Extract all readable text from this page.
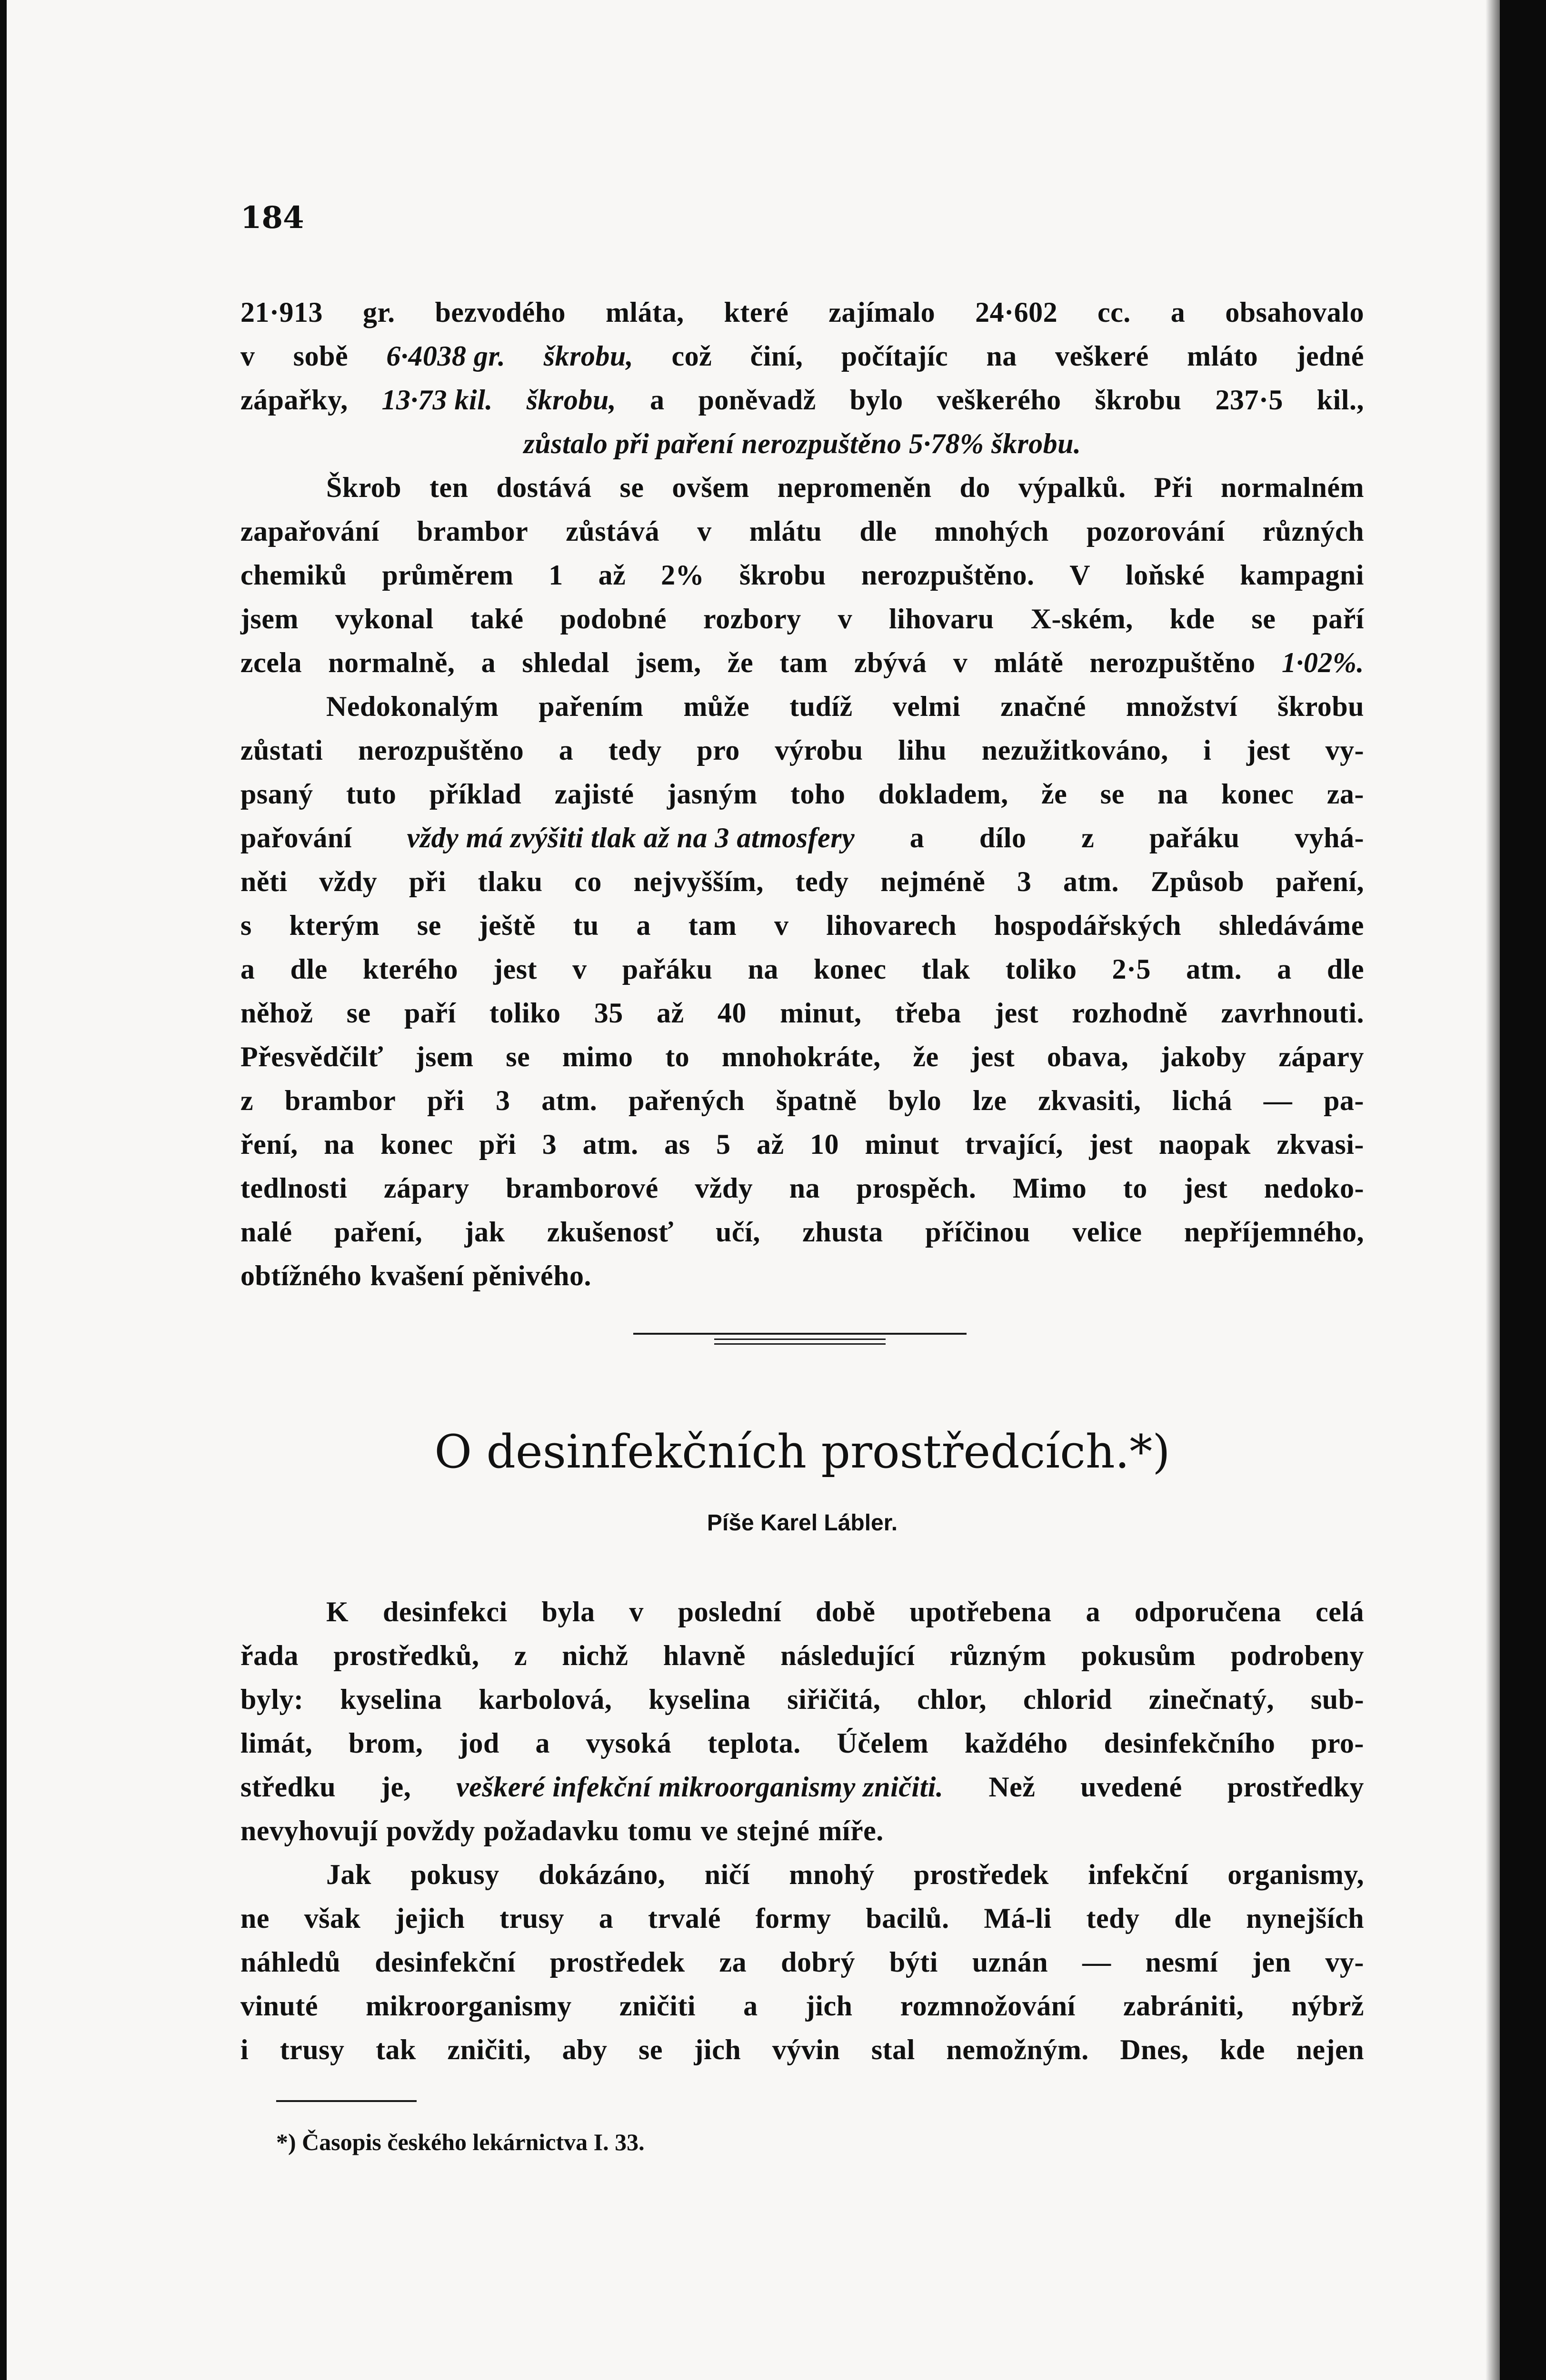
184
21·913 gr. bezvodého mláta, které zajímalo 24·602 cc. a obsahovalo
v sobě 6·4038 gr. škrobu, což činí, počítajíc na veškeré mláto jedné
zápařky, 13·73 kil. škrobu, a poněvadž bylo veškerého škrobu 237·5 kil.,
zůstalo při paření nerozpuštěno 5·78% škrobu.
Škrob ten dostává se ovšem nepromeněn do výpalků. Při normalném
zapařování brambor zůstává v mlátu dle mnohých pozorování různých
chemiků průměrem 1 až 2% škrobu nerozpuštěno. V loňské kampagni
jsem vykonal také podobné rozbory v lihovaru X-ském, kde se paří
zcela normalně, a shledal jsem, že tam zbývá v mlátě nerozpuštěno 1·02%.
Nedokonalým pařením může tudíž velmi značné množství škrobu
zůstati nerozpuštěno a tedy pro výrobu lihu nezužitkováno, i jest vy-
psaný tuto příklad zajisté jasným toho dokladem, že se na konec za-
pařování vždy má zvýšiti tlak až na 3 atmosfery a dílo z pařáku vyhá-
něti vždy při tlaku co nejvyšším, tedy nejméně 3 atm. Způsob paření,
s kterým se ještě tu a tam v lihovarech hospodářských shledáváme
a dle kterého jest v pařáku na konec tlak toliko 2·5 atm. a dle
něhož se paří toliko 35 až 40 minut, třeba jest rozhodně zavrhnouti.
Přesvědčilť jsem se mimo to mnohokráte, že jest obava, jakoby zápary
z brambor při 3 atm. pařených špatně bylo lze zkvasiti, lichá — pa-
ření, na konec při 3 atm. as 5 až 10 minut trvající, jest naopak zkvasi-
tedlnosti zápary bramborové vždy na prospěch. Mimo to jest nedoko-
nalé paření, jak zkušenosť učí, zhusta příčinou velice nepříjemného,
obtížného kvašení pěnivého.
O desinfekčních prostředcích.*)
Píše Karel Lábler.
K desinfekci byla v poslední době upotřebena a odporučena celá
řada prostředků, z nichž hlavně následující různým pokusům podrobeny
byly: kyselina karbolová, kyselina siřičitá, chlor, chlorid zinečnatý, sub-
limát, brom, jod a vysoká teplota. Účelem každého desinfekčního pro-
středku je, veškeré infekční mikroorganismy zničiti. Než uvedené prostředky
nevyhovují povždy požadavku tomu ve stejné míře.
Jak pokusy dokázáno, ničí mnohý prostředek infekční organismy,
ne však jejich trusy a trvalé formy bacilů. Má-li tedy dle nynejších
náhledů desinfekční prostředek za dobrý býti uznán — nesmí jen vy-
vinuté mikroorganismy zničiti a jich rozmnožování zabrániti, nýbrž
i trusy tak zničiti, aby se jich vývin stal nemožným. Dnes, kde nejen
*) Časopis českého lekárnictva I. 33.
